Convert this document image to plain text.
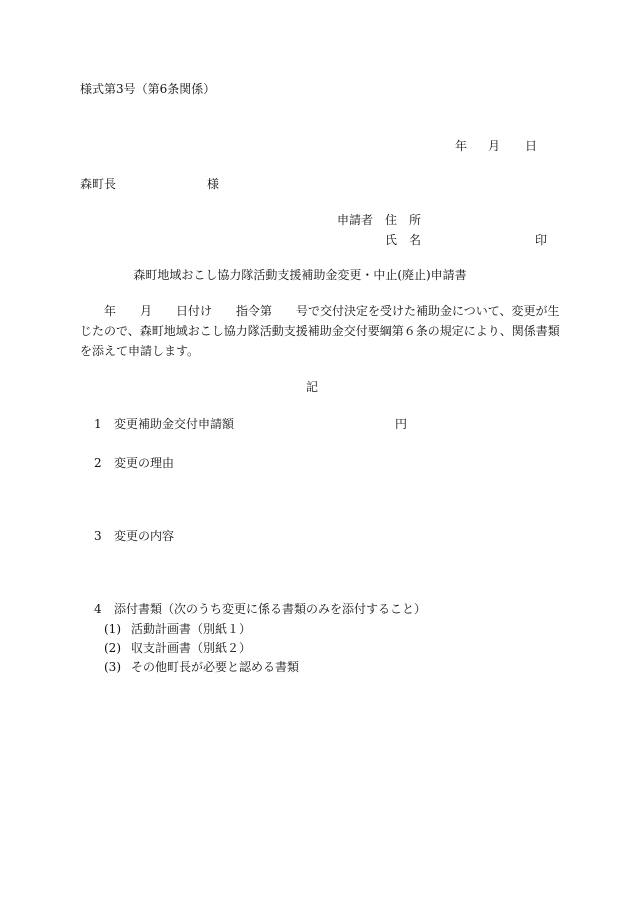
様式第3号（第6条関係）
年 月 日
森町長	様
申請者 住　所
氏　名	印
森町地域おこし協力隊活動支援補助金変更・中止(廃止)申請書
　　年　　月　　日付け　　指令第　　号で交付決定を受けた補助金について、変更が生
じたので、森町地域おこし協力隊活動支援補助金交付要綱第６条の規定により、関係書類
を添えて申請します。
記
1 変更補助金交付申請額	円
2 変更の理由
3 変更の内容
4 添付書類（次のうち変更に係る書類のみを添付すること）
(1) 活動計画書（別紙１）
(2) 収支計画書（別紙２）
(3) その他町長が必要と認める書類
